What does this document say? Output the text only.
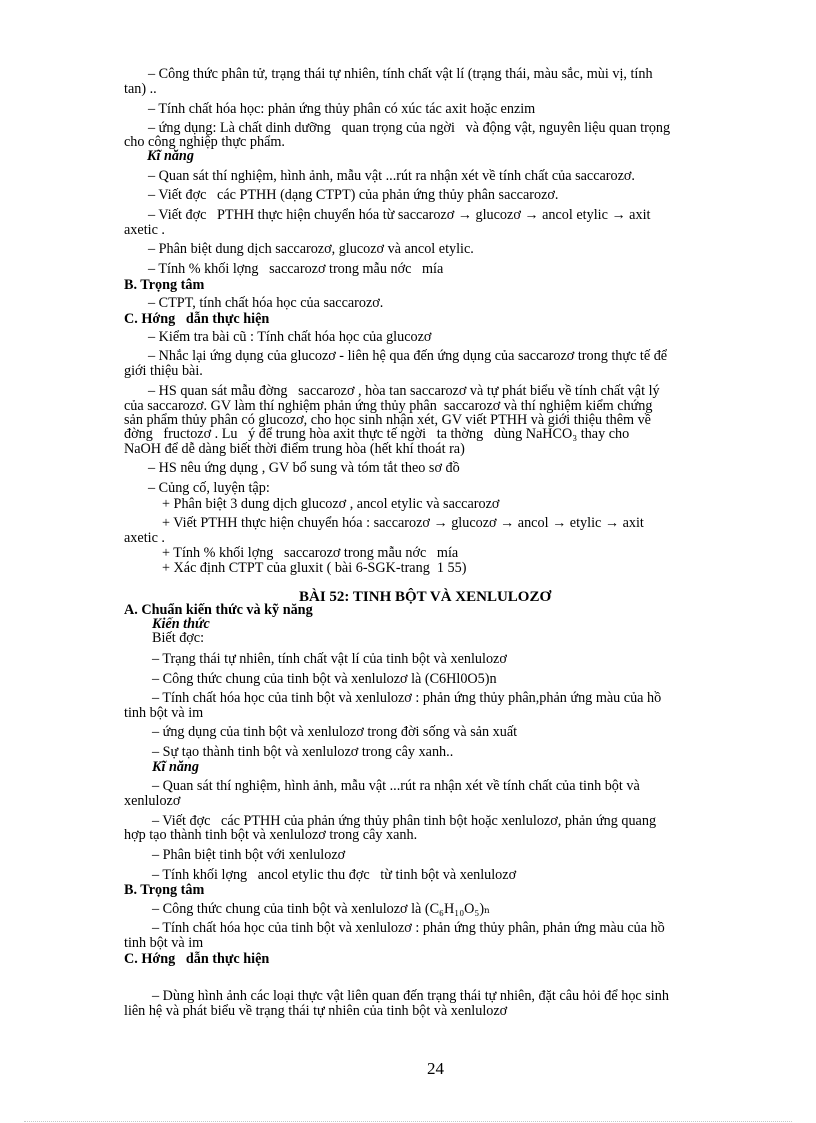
– Công thức phân tử, trạng thái tự nhiên, tính chất vật lí (trạng thái, màu sắc, mùi vị, tính
tan) ..
– Tính chất hóa học: phản ứng thủy phân có xúc tác axit hoặc enzim
– ứng dụng: Là chất dinh dưỡng   quan trọng của ngời   và động vật, nguyên liệu quan trọng
cho công nghiệp thực phẩm.
Kĩ năng
– Quan sát thí nghiệm, hình ảnh, mẫu vật ...rút ra nhận xét về tính chất của saccarozơ.
– Viết đợc   các PTHH (dạng CTPT) của phản ứng thủy phân saccarozơ.
– Viết đợc   PTHH thực hiện chuyển hóa từ saccarozơ → glucozơ → ancol etylic → axit
axetic .
– Phân biệt dung dịch saccarozơ, glucozơ và ancol etylic.
– Tính % khối lợng   saccarozơ trong mẫu nớc   mía
B. Trọng tâm
– CTPT, tính chất hóa học của saccarozơ.
C. Hớng   dẫn thực hiện
– Kiểm tra bài cũ : Tính chất hóa học của glucozơ
– Nhắc lại ứng dụng của glucozơ - liên hệ qua đến ứng dụng của saccarozơ trong thực tế để
giới thiệu bài.
– HS quan sát mẫu đờng   saccarozơ , hòa tan saccarozơ và tự phát biểu về tính chất vật lý
của saccarozơ. GV làm thí nghiệm phản ứng thủy phân  saccarozơ và thí nghiệm kiểm chứng
sản phẩm thủy phân có glucozơ, cho học sinh nhận xét, GV viết PTHH và giới thiệu thêm về
đờng   fructozơ . Lu   ý để trung hòa axit thực tế ngời   ta thờng   dùng NaHCO₃ thay cho
NaOH để dễ dàng biết thời điểm trung hòa (hết khí thoát ra)
– HS nêu ứng dụng , GV bổ sung và tóm tắt theo sơ đồ
– Củng cố, luyện tập:
+ Phân biệt 3 dung dịch glucozơ , ancol etylic và saccarozơ
+ Viết PTHH thực hiện chuyển hóa : saccarozơ → glucozơ → ancol → etylic → axit
axetic .
+ Tính % khối lợng   saccarozơ trong mẫu nớc   mía
+ Xác định CTPT của gluxit ( bài 6-SGK-trang  1 55)
BÀI 52: TINH BỘT VÀ XENLULOZƠ
A. Chuẩn kiến thức và kỹ năng
Kiến thức
Biết đợc:
– Trạng thái tự nhiên, tính chất vật lí của tinh bột và xenlulozơ
– Công thức chung của tinh bột và xenlulozơ là (C6Hl0O5)n
– Tính chất hóa học của tinh bột và xenlulozơ : phản ứng thủy phân,phản ứng màu của hồ
tinh bột và im
– ứng dụng của tinh bột và xenlulozơ trong đời sống và sản xuất
– Sự tạo thành tinh bột và xenlulozơ trong cây xanh..
Kĩ năng
– Quan sát thí nghiệm, hình ảnh, mẫu vật ...rút ra nhận xét về tính chất của tinh bột và
xenlulozơ
– Viết đợc   các PTHH của phản ứng thủy phân tinh bột hoặc xenlulozơ, phản ứng quang
hợp tạo thành tinh bột và xenlulozơ trong cây xanh.
– Phân biệt tinh bột với xenlulozơ
– Tính khối lợng   ancol etylic thu đợc   từ tinh bột và xenlulozơ
B. Trọng tâm
– Công thức chung của tinh bột và xenlulozơ là (C₆H₁₀O₅)ₙ
– Tính chất hóa học của tinh bột và xenlulozơ : phản ứng thủy phân, phản ứng màu của hồ
tinh bột và im
C. Hớng   dẫn thực hiện
– Dùng hình ảnh các loại thực vật liên quan đến trạng thái tự nhiên, đặt câu hỏi để học sinh
liên hệ và phát biểu về trạng thái tự nhiên của tinh bột và xenlulozơ
24
